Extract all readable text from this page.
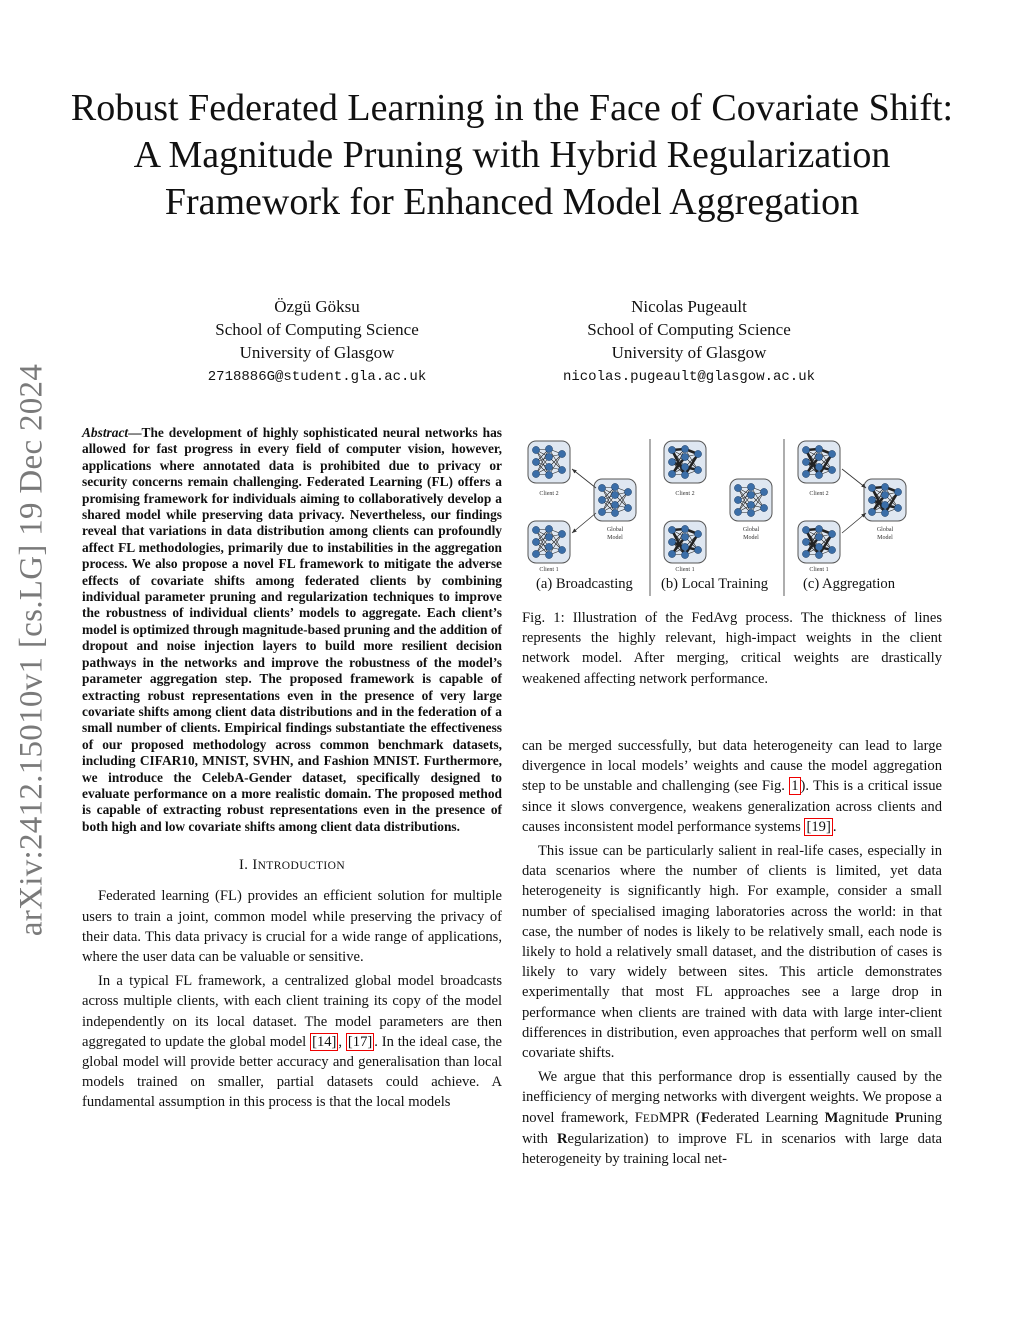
arXiv:2412.15010v1 [cs.LG] 19 Dec 2024
Robust Federated Learning in the Face of Covariate Shift: A Magnitude Pruning with Hybrid Regularization Framework for Enhanced Model Aggregation
Özgü Göksu
School of Computing Science
University of Glasgow
2718886G@student.gla.ac.uk
Nicolas Pugeault
School of Computing Science
University of Glasgow
nicolas.pugeault@glasgow.ac.uk

Abstract—The development of highly sophisticated neural networks has allowed for fast progress in every field of computer vision, however, applications where annotated data is prohibited due to privacy or security concerns remain challenging. Federated Learning (FL) offers a promising framework for individuals aiming to collaboratively develop a shared model while preserving data privacy. Nevertheless, our findings reveal that variations in data distribution among clients can profoundly affect FL methodologies, primarily due to instabilities in the aggregation process. We also propose a novel FL framework to mitigate the adverse effects of covariate shifts among federated clients by combining individual parameter pruning and regularization techniques to improve the robustness of individual clients’ models to aggregate. Each client’s model is optimized through magnitude-based pruning and the addition of dropout and noise injection layers to build more resilient decision pathways in the networks and improve the robustness of the model’s parameter aggregation step. The proposed framework is capable of extracting robust representations even in the presence of very large covariate shifts among client data distributions and in the federation of a small number of clients. Empirical findings substantiate the effectiveness of our proposed methodology across common benchmark datasets, including CIFAR10, MNIST, SVHN, and Fashion MNIST. Furthermore, we introduce the CelebA-Gender dataset, specifically designed to evaluate performance on a more realistic domain. The proposed method is capable of extracting robust representations even in the presence of both high and low covariate shifts among client data distributions.

I. INTRODUCTION

Federated learning (FL) provides an efficient solution for multiple users to train a joint, common model while preserving the privacy of their data. This data privacy is crucial for a wide range of applications, where the user data can be valuable or sensitive.

In a typical FL framework, a centralized global model broadcasts across multiple clients, with each client training its copy of the model independently on its local dataset. The model parameters are then aggregated to update the global model [14] , [17] . In the ideal case, the global model will provide better accuracy and generalisation than local models trained on smaller, partial datasets could achieve. A fundamental assumption in this process is that the local models

Client 2
Client 1
Global
Model
Client 2
Client 1
Global
Model
Client 2
Client 1
Global
Model
(a) Broadcasting (b) Local Training (c) Aggregation
Fig. 1: Illustration of the FedAvg process. The thickness of lines represents the highly relevant, high-impact weights in the client network model. After merging, critical weights are drastically weakened affecting network performance.

can be merged successfully, but data heterogeneity can lead to large divergence in local models’ weights and cause the model aggregation step to be unstable and challenging (see Fig. 1 ). This is a critical issue since it slows convergence, weakens generalization across clients and causes inconsistent model performance systems [19] .

This issue can be particularly salient in real-life cases, especially in data scenarios where the number of clients is limited, yet data heterogeneity is significantly high. For example, consider a small number of specialised imaging laboratories across the world: in that case, the number of nodes is likely to be relatively small, each node is likely to hold a relatively small dataset, and the distribution of cases is likely to vary widely between sites. This article demonstrates experimentally that most FL approaches see a large drop in performance when clients are trained with data with large inter-client differences in distribution, even approaches that perform well on small covariate shifts.

We argue that this performance drop is essentially caused by the inefficiency of merging networks with divergent weights. We propose a novel framework, FEDMPR (Federated Learning Magnitude Pruning with Regularization) to improve FL in scenarios with large data heterogeneity by training local net-
